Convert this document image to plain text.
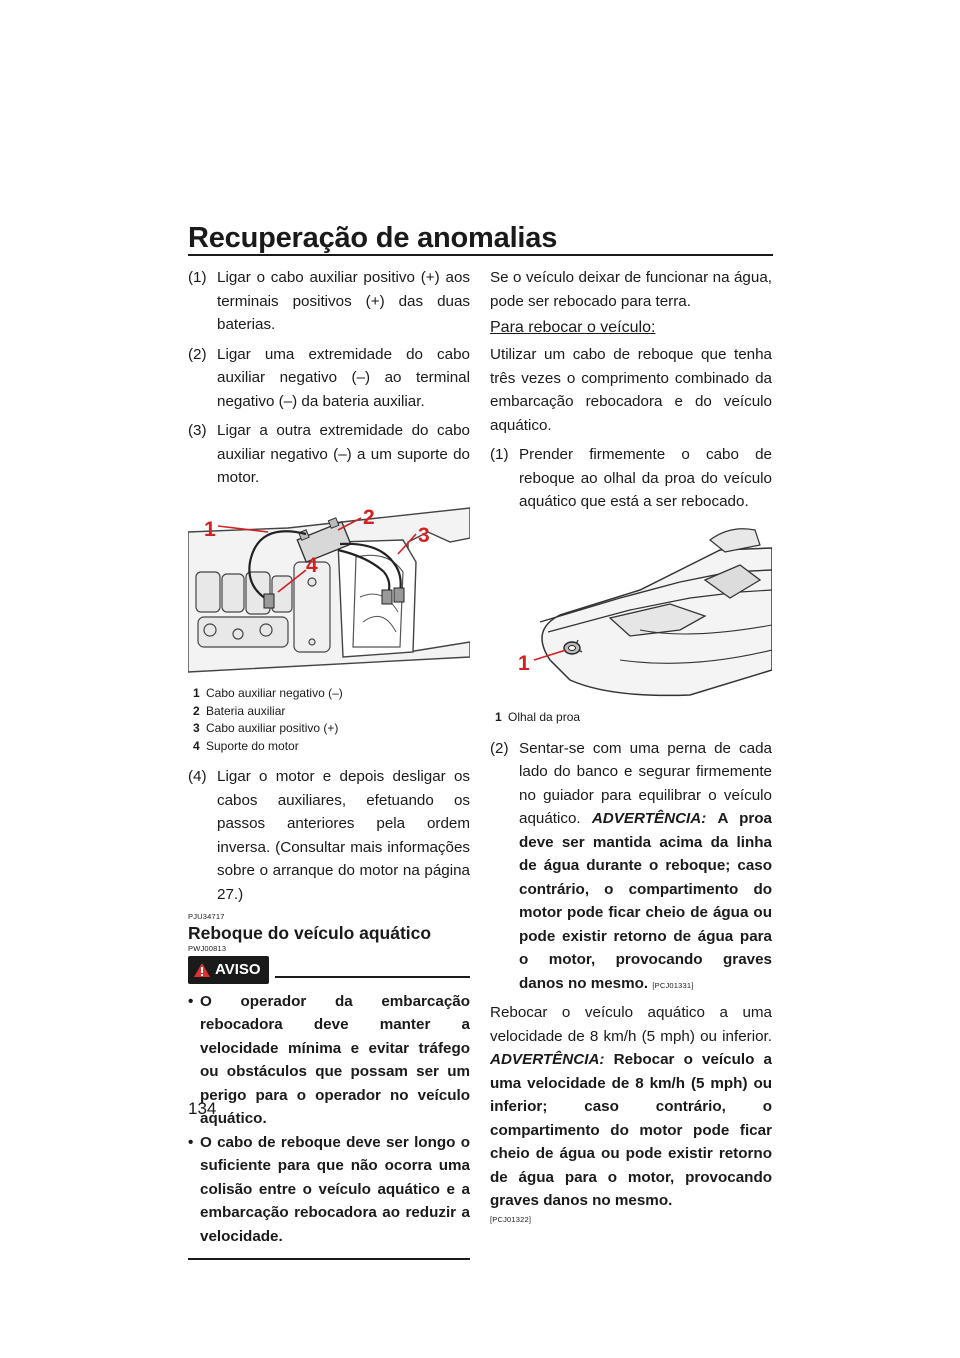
Recuperação de anomalias
(1) Ligar o cabo auxiliar positivo (+) aos terminais positivos (+) das duas baterias.
(2) Ligar uma extremidade do cabo auxiliar negativo (–) ao terminal negativo (–) da bateria auxiliar.
(3) Ligar a outra extremidade do cabo auxiliar negativo (–) a um suporte do motor.
1
2
3
4
1 Cabo auxiliar negativo (–)
2 Bateria auxiliar
3 Cabo auxiliar positivo (+)
4 Suporte do motor
(4) Ligar o motor e depois desligar os cabos auxiliares, efetuando os passos anteriores pela ordem inversa. (Consultar mais informações sobre o arranque do motor na página 27.)
PJU34717
Reboque do veículo aquático
PWJ00813
AVISO
• O operador da embarcação rebocadora deve manter a velocidade mínima e evitar tráfego ou obstáculos que possam ser um perigo para o operador no veículo aquático.
• O cabo de reboque deve ser longo o suficiente para que não ocorra uma colisão entre o veículo aquático e a embarcação rebocadora ao reduzir a velocidade.

Se o veículo deixar de funcionar na água, pode ser rebocado para terra.

Para rebocar o veículo:

Utilizar um cabo de reboque que tenha três vezes o comprimento combinado da embarcação rebocadora e do veículo aquático.

(1) Prender firmemente o cabo de reboque ao olhal da proa do veículo aquático que está a ser rebocado.
1
1 Olhal da proa
(2) Sentar-se com uma perna de cada lado do banco e segurar firmemente no guiador para equilibrar o veículo aquático. ADVERTÊNCIA: A proa deve ser mantida acima da linha de água durante o reboque; caso contrário, o compartimento do motor pode ficar cheio de água ou pode existir retorno de água para o motor, provocando graves danos no mesmo. [PCJ01331]

Rebocar o veículo aquático a uma velocidade de 8 km/h (5 mph) ou inferior. ADVERTÊNCIA: Rebocar o veículo a uma velocidade de 8 km/h (5 mph) ou inferior; caso contrário, o compartimento do motor pode ficar cheio de água ou pode existir retorno de água para o motor, provocando graves danos no mesmo.

[PCJ01322]
134
